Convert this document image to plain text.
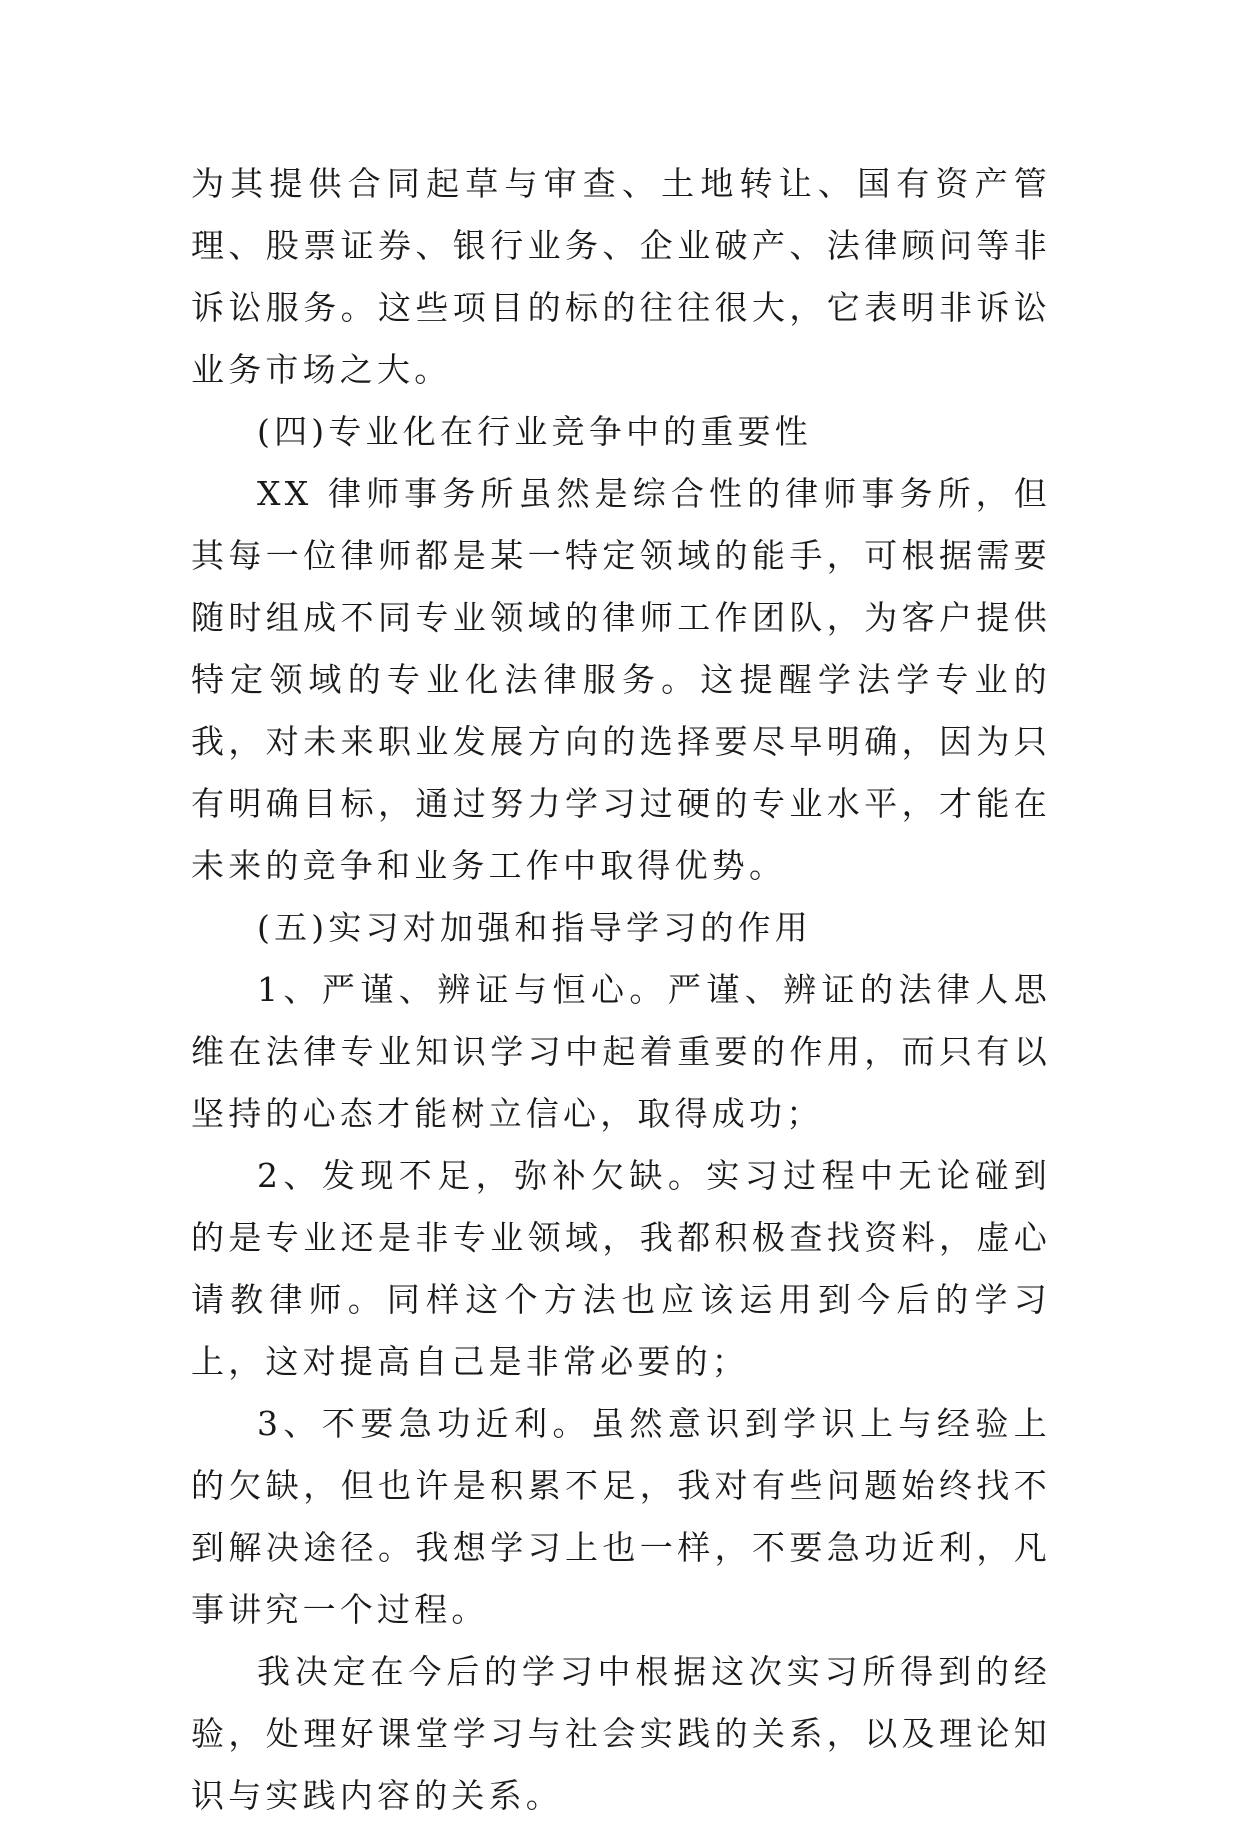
为其提供合同起草与审查、土地转让、国有资产管理、股票证券、银行业务、企业破产、法律顾问等非诉讼服务。这些项目的标的往往很大，它表明非诉讼业务市场之大。

(四)专业化在行业竞争中的重要性

XX 律师事务所虽然是综合性的律师事务所，但其每一位律师都是某一特定领域的能手，可根据需要随时组成不同专业领域的律师工作团队，为客户提供特定领域的专业化法律服务。这提醒学法学专业的我，对未来职业发展方向的选择要尽早明确，因为只有明确目标，通过努力学习过硬的专业水平，才能在未来的竞争和业务工作中取得优势。

(五)实习对加强和指导学习的作用

1、严谨、辨证与恒心。严谨、辨证的法律人思维在法律专业知识学习中起着重要的作用，而只有以坚持的心态才能树立信心，取得成功；

2、发现不足，弥补欠缺。实习过程中无论碰到的是专业还是非专业领域，我都积极查找资料，虚心请教律师。同样这个方法也应该运用到今后的学习上，这对提高自己是非常必要的；

3、不要急功近利。虽然意识到学识上与经验上的欠缺，但也许是积累不足，我对有些问题始终找不到解决途径。我想学习上也一样，不要急功近利，凡事讲究一个过程。

我决定在今后的学习中根据这次实习所得到的经验，处理好课堂学习与社会实践的关系，以及理论知识与实践内容的关系。
